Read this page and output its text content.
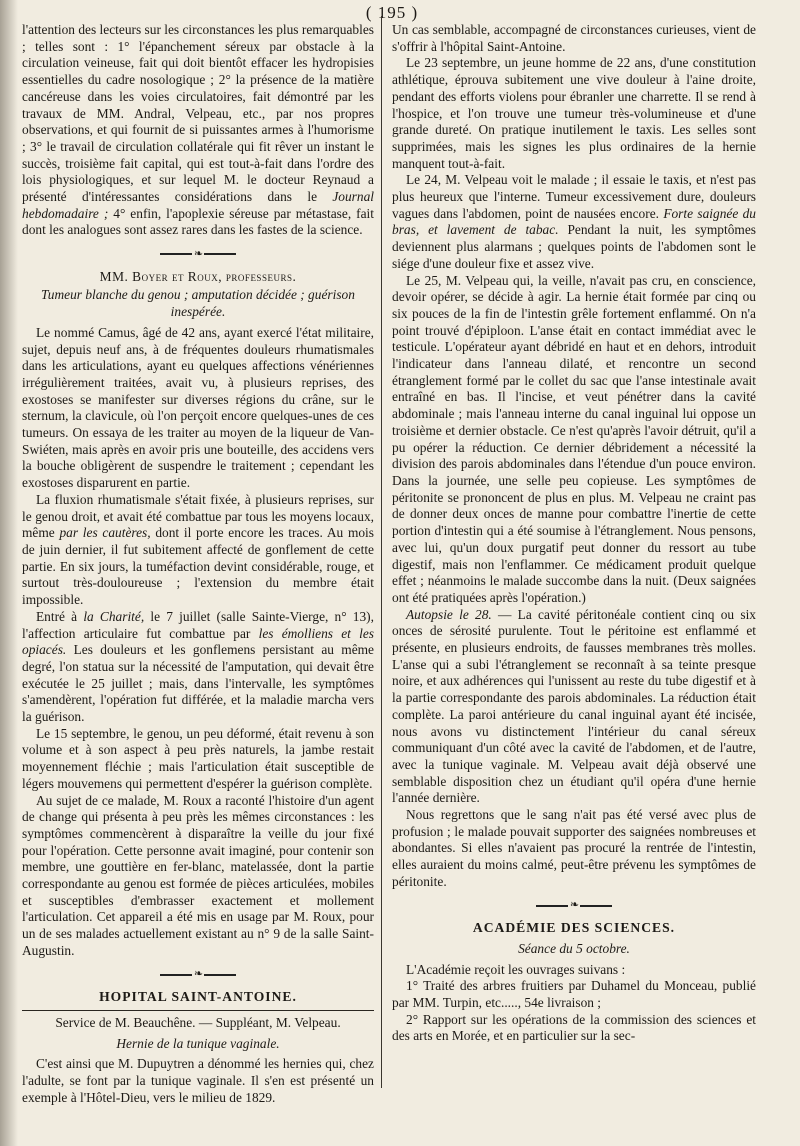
( 195 )

l'attention des lecteurs sur les circonstances les plus remarquables ; telles sont : 1° l'épanchement séreux par obstacle à la circulation veineuse, fait qui doit bientôt effacer les hydropisies essentielles du cadre nosologique ; 2° la présence de la matière cancéreuse dans les voies circulatoires, fait démontré par les travaux de MM. Andral, Velpeau, etc., par nos propres observations, et qui fournit de si puissantes armes à l'humorisme ; 3° le travail de circulation collatérale qui fit rêver un instant le succès, troisième fait capital, qui est tout-à-fait dans l'ordre des lois physiologiques, et sur lequel M. le docteur Reynaud a présenté d'intéressantes considérations dans le Journal hebdomadaire ; 4° enfin, l'apoplexie séreuse par métastase, fait dont les analogues sont assez rares dans les fastes de la science.

❧
MM. Boyer et Roux, professeurs.
Tumeur blanche du genou ; amputation décidée ; guérison inespérée.

Le nommé Camus, âgé de 42 ans, ayant exercé l'état militaire, sujet, depuis neuf ans, à de fréquentes douleurs rhumatismales dans les articulations, ayant eu quelques affections vénériennes irrégulièrement traitées, avait vu, à plusieurs reprises, des exostoses se manifester sur diverses régions du crâne, sur le sternum, la clavicule, où l'on perçoit encore quelques-unes de ces tumeurs. On essaya de les traiter au moyen de la liqueur de Van-Swiéten, mais après en avoir pris une bouteille, des accidens vers la bouche obligèrent de suspendre le traitement ; cependant les exostoses disparurent en partie.

La fluxion rhumatismale s'était fixée, à plusieurs reprises, sur le genou droit, et avait été combattue par tous les moyens locaux, même par les cautères, dont il porte encore les traces. Au mois de juin dernier, il fut subitement affecté de gonflement de cette partie. En six jours, la tuméfaction devint considérable, rouge, et surtout très-douloureuse ; l'extension du membre était impossible.

Entré à la Charité, le 7 juillet (salle Sainte-Vierge, n° 13), l'affection articulaire fut combattue par les émolliens et les opiacés. Les douleurs et les gonflemens persistant au même degré, l'on statua sur la nécessité de l'amputation, qui devait être exécutée le 25 juillet ; mais, dans l'intervalle, les symptômes s'amendèrent, l'opération fut différée, et la maladie marcha vers la guérison.

Le 15 septembre, le genou, un peu déformé, était revenu à son volume et à son aspect à peu près naturels, la jambe restait moyennement fléchie ; mais l'articulation était susceptible de légers mouvemens qui permettent d'espérer la guérison complète.

Au sujet de ce malade, M. Roux a raconté l'histoire d'un agent de change qui présenta à peu près les mêmes circonstances : les symptômes commencèrent à disparaître la veille du jour fixé pour l'opération. Cette personne avait imaginé, pour contenir son membre, une gouttière en fer-blanc, matelassée, dont la partie correspondante au genou est formée de pièces articulées, mobiles et susceptibles d'embrasser exactement et mollement l'articulation. Cet appareil a été mis en usage par M. Roux, pour un de ses malades actuellement existant au n° 9 de la salle Saint-Augustin.

❧
HOPITAL SAINT-ANTOINE.
Service de M. Beauchêne. — Suppléant, M. Velpeau.
Hernie de la tunique vaginale.

C'est ainsi que M. Dupuytren a dénommé les hernies qui, chez l'adulte, se font par la tunique vaginale. Il s'en est présenté un exemple à l'Hôtel-Dieu, vers le milieu de 1829.

Un cas semblable, accompagné de circonstances curieuses, vient de s'offrir à l'hôpital Saint-Antoine.

Le 23 septembre, un jeune homme de 22 ans, d'une constitution athlétique, éprouva subitement une vive douleur à l'aine droite, pendant des efforts violens pour ébranler une charrette. Il se rend à l'hospice, et l'on trouve une tumeur très-volumineuse et d'une grande dureté. On pratique inutilement le taxis. Les selles sont supprimées, mais les signes les plus ordinaires de la hernie manquent tout-à-fait.

Le 24, M. Velpeau voit le malade ; il essaie le taxis, et n'est pas plus heureux que l'interne. Tumeur excessivement dure, douleurs vagues dans l'abdomen, point de nausées encore. Forte saignée du bras, et lavement de tabac. Pendant la nuit, les symptômes deviennent plus alarmans ; quelques points de l'abdomen sont le siége d'une douleur fixe et assez vive.

Le 25, M. Velpeau qui, la veille, n'avait pas cru, en conscience, devoir opérer, se décide à agir. La hernie était formée par cinq ou six pouces de la fin de l'intestin grêle fortement enflammé. On n'a point trouvé d'épiploon. L'anse était en contact immédiat avec le testicule. L'opérateur ayant débridé en haut et en dehors, introduit l'indicateur dans l'anneau dilaté, et rencontre un second étranglement formé par le collet du sac que l'anse intestinale avait entraîné en bas. Il l'incise, et veut pénétrer dans la cavité abdominale ; mais l'anneau interne du canal inguinal lui oppose un troisième et dernier obstacle. Ce n'est qu'après l'avoir détruit, qu'il a pu opérer la réduction. Ce dernier débridement a nécessité la division des parois abdominales dans l'étendue d'un pouce environ. Dans la journée, une selle peu copieuse. Les symptômes de péritonite se prononcent de plus en plus. M. Velpeau ne craint pas de donner deux onces de manne pour combattre l'inertie de cette portion d'intestin qui a été soumise à l'étranglement. Nous pensons, avec lui, qu'un doux purgatif peut donner du ressort au tube digestif, mais non l'enflammer. Ce médicament produit quelque effet ; néanmoins le malade succombe dans la nuit. (Deux saignées ont été pratiquées après l'opération.)

Autopsie le 28. — La cavité péritonéale contient cinq ou six onces de sérosité purulente. Tout le péritoine est enflammé et présente, en plusieurs endroits, de fausses membranes très molles. L'anse qui a subi l'étranglement se reconnaît à sa teinte presque noire, et aux adhérences qui l'unissent au reste du tube digestif et à la partie correspondante des parois abdominales. La réduction était complète. La paroi antérieure du canal inguinal ayant été incisée, nous avons vu distinctement l'intérieur du canal séreux communiquant d'un côté avec la cavité de l'abdomen, et de l'autre, avec la tunique vaginale. M. Velpeau avait déjà observé une semblable disposition chez un étudiant qu'il opéra d'une hernie l'année dernière.

Nous regrettons que le sang n'ait pas été versé avec plus de profusion ; le malade pouvait supporter des saignées nombreuses et abondantes. Si elles n'avaient pas procuré la rentrée de l'intestin, elles auraient du moins calmé, peut-être prévenu les symptômes de péritonite.

❧
ACADÉMIE DES SCIENCES.
Séance du 5 octobre.

L'Académie reçoit les ouvrages suivans :

1° Traité des arbres fruitiers par Duhamel du Monceau, publié par MM. Turpin, etc....., 54e livraison ;

2° Rapport sur les opérations de la commission des sciences et des arts en Morée, et en particulier sur la sec-
